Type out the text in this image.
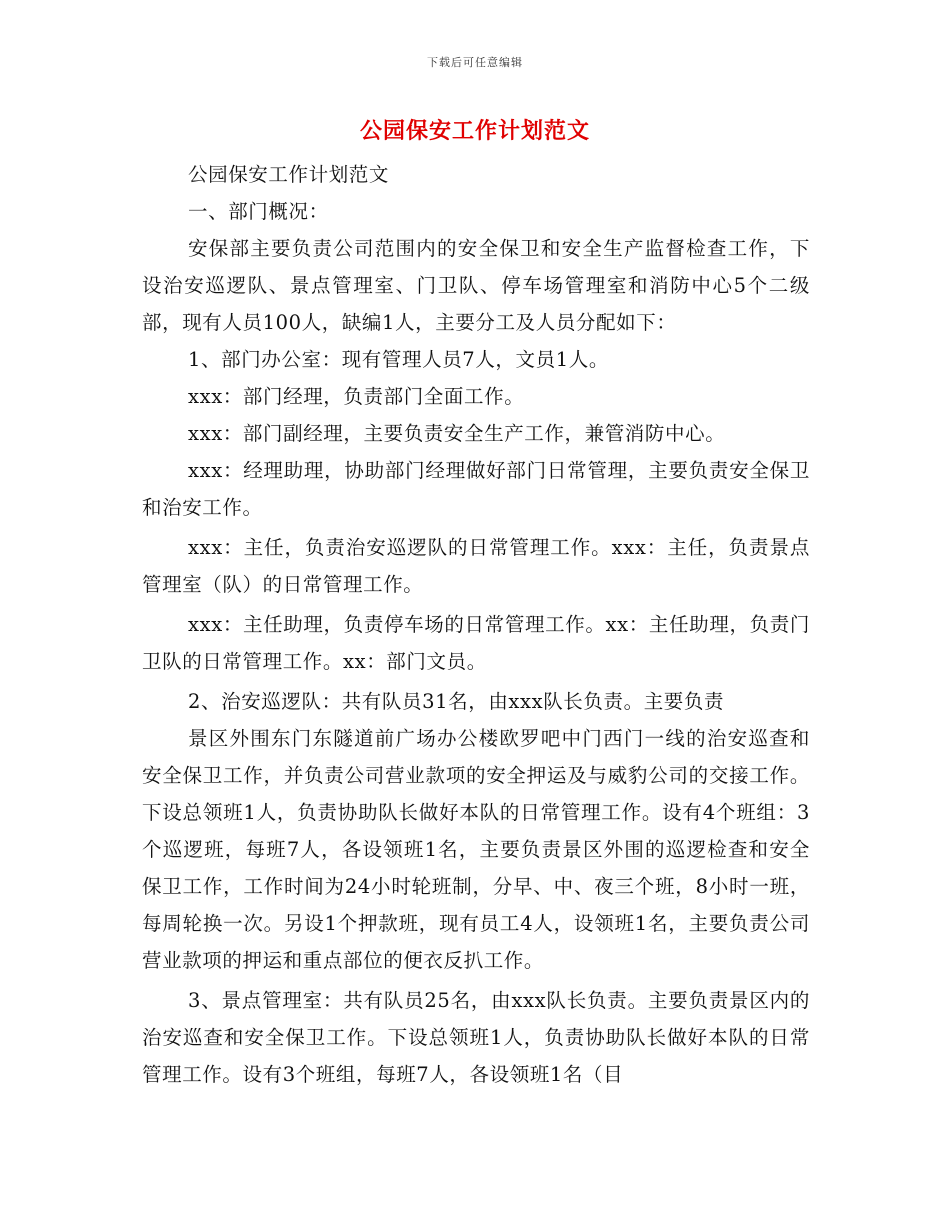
下载后可任意编辑
公园保安工作计划范文

公园保安工作计划范文

一、部门概况：

安保部主要负责公司范围内的安全保卫和安全生产监督检查工作，下设治安巡逻队、景点管理室、门卫队、停车场管理室和消防中心5个二级部，现有人员100人，缺编1人，主要分工及人员分配如下：

1、部门办公室：现有管理人员7人，文员1人。

xxx：部门经理，负责部门全面工作。

xxx：部门副经理，主要负责安全生产工作，兼管消防中心。

xxx：经理助理，协助部门经理做好部门日常管理，主要负责安全保卫和治安工作。

xxx：主任，负责治安巡逻队的日常管理工作。xxx：主任，负责景点管理室（队）的日常管理工作。

xxx：主任助理，负责停车场的日常管理工作。xx：主任助理，负责门卫队的日常管理工作。xx：部门文员。

2、治安巡逻队：共有队员31名，由xxx队长负责。主要负责

景区外围东门东隧道前广场办公楼欧罗吧中门西门一线的治安巡查和安全保卫工作，并负责公司营业款项的安全押运及与威豹公司的交接工作。下设总领班1人，负责协助队长做好本队的日常管理工作。设有4个班组：3个巡逻班，每班7人，各设领班1名，主要负责景区外围的巡逻检查和安全保卫工作，工作时间为24小时轮班制，分早、中、夜三个班，8小时一班，每周轮换一次。另设1个押款班，现有员工4人，设领班1名，主要负责公司营业款项的押运和重点部位的便衣反扒工作。

3、景点管理室：共有队员25名，由xxx队长负责。主要负责景区内的治安巡查和安全保卫工作。下设总领班1人，负责协助队长做好本队的日常管理工作。设有3个班组，每班7人，各设领班1名（目
